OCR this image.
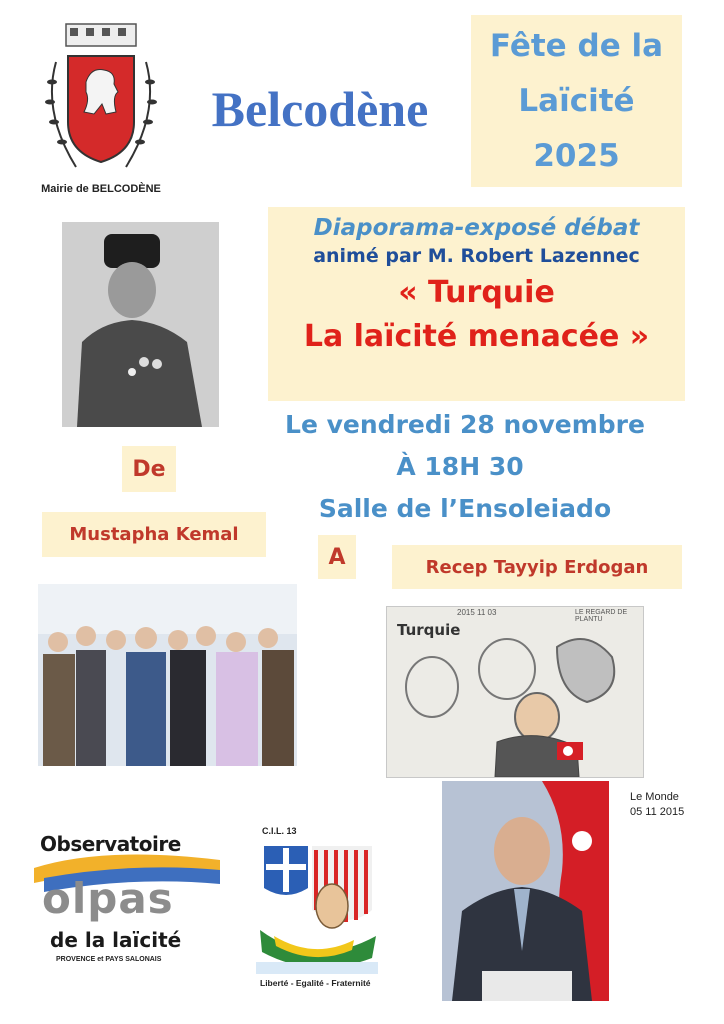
Mairie de BELCODÈNE
Belcodène
Fête de la
Laïcité
2025
Diaporama-exposé débat
animé par M. Robert Lazennec
« Turquie
La laïcité menacée »
Le vendredi 28 novembre
À 18H 30
Salle de l’Ensoleiado
De
Mustapha Kemal
A	Recep Tayyip Erdogan
Turquie
LE REGARD DE PLANTU
2015 11 03
Le Monde
05 11 2015
Observatoire
olpas
de la laïcité
PROVENCE et PAYS SALONAIS
C.I.L. 13
Liberté - Egalité - Fraternité
